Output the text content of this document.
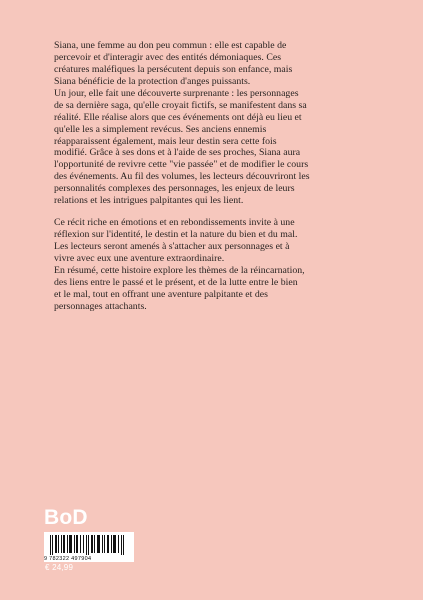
Siana, une femme au don peu commun : elle est capable de
percevoir et d'interagir avec des entités démoniaques. Ces
créatures maléfiques la persécutent depuis son enfance, mais
Siana bénéficie de la protection d'anges puissants.
Un jour, elle fait une découverte surprenante : les personnages
de sa dernière saga, qu'elle croyait fictifs, se manifestent dans sa
réalité. Elle réalise alors que ces événements ont déjà eu lieu et
qu'elle les a simplement revécus. Ses anciens ennemis
réapparaissent également, mais leur destin sera cette fois
modifié. Grâce à ses dons et à l'aide de ses proches, Siana aura
l'opportunité de revivre cette "vie passée" et de modifier le cours
des événements. Au fil des volumes, les lecteurs découvriront les
personnalités complexes des personnages, les enjeux de leurs
relations et les intrigues palpitantes qui les lient.

Ce récit riche en émotions et en rebondissements invite à une
réflexion sur l'identité, le destin et la nature du bien et du mal.
Les lecteurs seront amenés à s'attacher aux personnages et à
vivre avec eux une aventure extraordinaire.
En résumé, cette histoire explore les thèmes de la réincarnation,
des liens entre le passé et le présent, et de la lutte entre le bien
et le mal, tout en offrant une aventure palpitante et des
personnages attachants.

BoD
9 782322 497904
€ 24,99
